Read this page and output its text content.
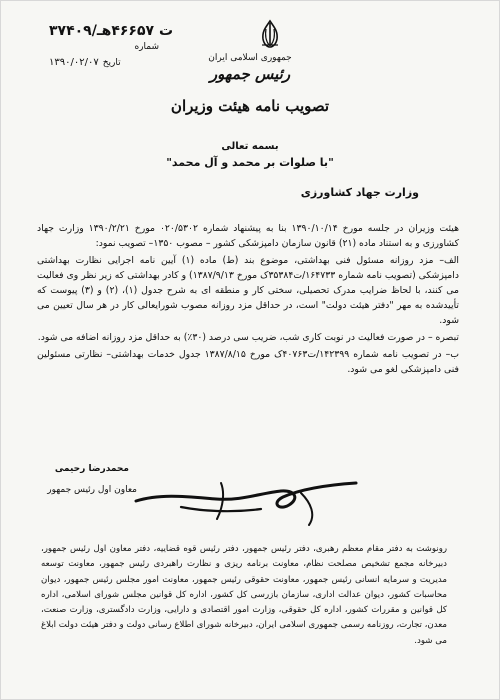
۳۷۴۰۹/ت ۴۶۶۵۷هـ
شماره
۱۳۹۰/۰۲/۰۷ تاریخ	جمهوری اسلامی ایران
رئیس جمهور
تصویب نامه هیئت وزیران
بسمه تعالی
"با صلوات بر محمد و آل محمد"
وزارت جهاد کشاورزی

هیئت وزیران در جلسه مورخ ۱۳۹۰/۱۰/۱۴ بنا به پیشنهاد شماره ۰۲۰/۵۳۰۲ مورخ ۱۳۹۰/۲/۲۱ وزارت جهاد کشاورزی و به استناد ماده (۲۱) قانون سازمان دامپزشکی کشور – مصوب ۱۳۵۰– تصویب نمود:

الف– مزد روزانه مسئول فنی بهداشتی، موضوع بند (ط) ماده (۱) آیین نامه اجرایی نظارت بهداشتی دامپزشکی (تصویب نامه شماره ۱۶۴۷۳۳/ت۳۵۳۸۴ک مورخ ۱۳۸۷/۹/۱۳) و کادر بهداشتی که زیر نظر وی فعالیت می کنند، با لحاظ ضرایب مدرک تحصیلی، سختی کار و منطقه ای به شرح جدول (۱)، (۲) و (۳) پیوست که تأییدشده به مهر "دفتر هیئت دولت" است، در حداقل مزد روزانه مصوب شورایعالی کار در هر سال تعیین می شود.

تبصره – در صورت فعالیت در نوبت کاری شب، ضریب سی درصد (۳۰٪) به حداقل مزد روزانه اضافه می شود.

ب– در تصویب نامه شماره ۱۴۲۳۹۹/ت۴۰۷۶۳ک مورخ ۱۳۸۷/۸/۱۵ جدول خدمات بهداشتی– نظارتی مسئولین فنی دامپزشکی لغو می شود.

محمدرضا رحیمی
معاون اول رئیس جمهور

رونوشت به دفتر مقام معظم رهبری، دفتر رئیس جمهور، دفتر رئیس قوه قضاییه، دفتر معاون اول رئیس جمهور، دبیرخانه مجمع تشخیص مصلحت نظام، معاونت برنامه ریزی و نظارت راهبردی رئیس جمهور، معاونت توسعه مدیریت و سرمایه انسانی رئیس جمهور، معاونت حقوقی رئیس جمهور، معاونت امور مجلس رئیس جمهور، دیوان محاسبات کشور، دیوان عدالت اداری، سازمان بازرسی کل کشور، اداره کل قوانین مجلس شورای اسلامی، اداره کل قوانین و مقررات کشور، اداره کل حقوقی، وزارت امور اقتصادی و دارایی، وزارت دادگستری، وزارت صنعت، معدن، تجارت، روزنامه رسمی جمهوری اسلامی ایران، دبیرخانه شورای اطلاع رسانی دولت و دفتر هیئت دولت ابلاغ می شود.
